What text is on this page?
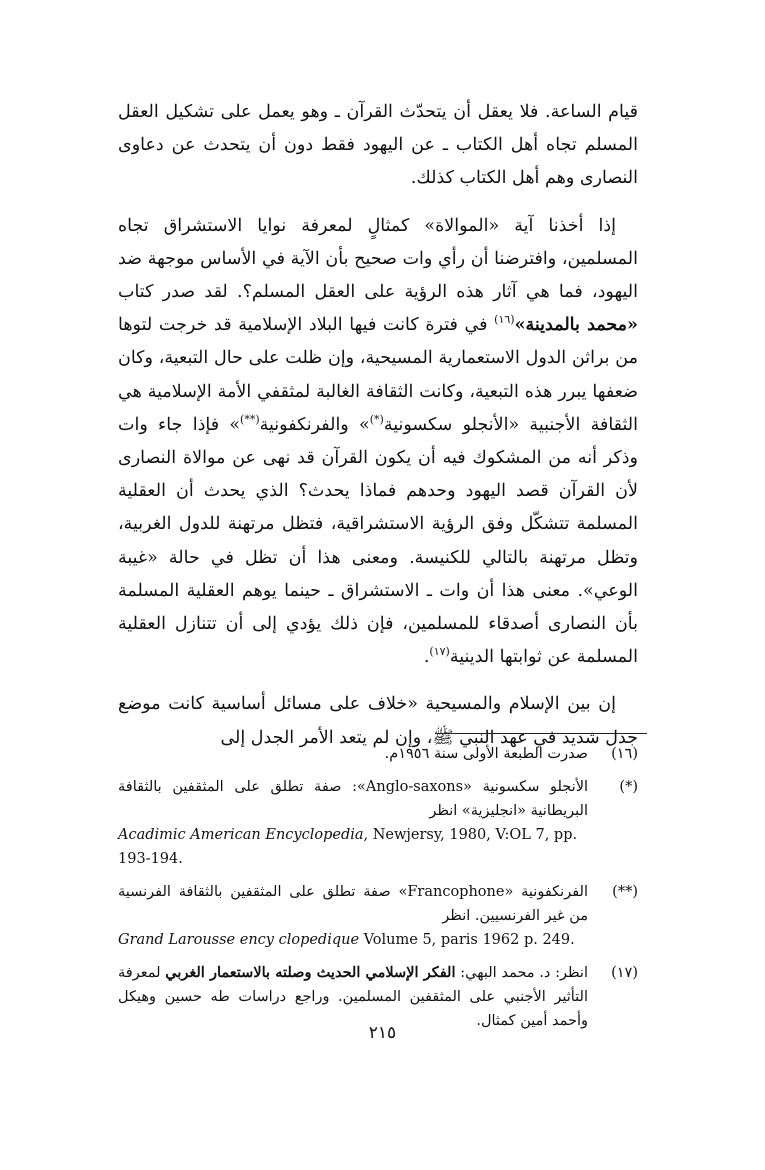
قيام الساعة. فلا يعقل أن يتحدّث القرآن ـ وهو يعمل على تشكيل العقل المسلم تجاه أهل الكتاب ـ عن اليهود فقط دون أن يتحدث عن دعاوى النصارى وهم أهل الكتاب كذلك.

إذا أخذنا آية «الموالاة» كمثالٍ لمعرفة نوايا الاستشراق تجاه المسلمين، وافترضنا أن رأي وات صحيح بأن الآية في الأساس موجهة ضد اليهود، فما هي آثار هذه الرؤية على العقل المسلم؟. لقد صدر كتاب «محمد بالمدينة»$^{(١٦)}$ في فترة كانت فيها البلاد الإسلامية قد خرجت لتوها من براثن الدول الاستعمارية المسيحية، وإن ظلت على حال التبعية، وكان ضعفها يبرر هذه التبعية، وكانت الثقافة الغالبة لمثقفي الأمة الإسلامية هي الثقافة الأجنبية «الأنجلو سكسونية(*)» والفرنكفونية(**)» فإذا جاء وات وذكر أنه من المشكوك فيه أن يكون القرآن قد نهى عن موالاة النصارى لأن القرآن قصد اليهود وحدهم فماذا يحدث؟ الذي يحدث أن العقلية المسلمة تتشكّل وفق الرؤية الاستشراقية، فتظل مرتهنة للدول الغربية، وتظل مرتهنة بالتالي للكنيسة. ومعنى هذا أن تظل في حالة «غيبة الوعي». معنى هذا أن وات ـ الاستشراق ـ حينما يوهم العقلية المسلمة بأن النصارى أصدقاء للمسلمين، فإن ذلك يؤدي إلى أن تتنازل العقلية المسلمة عن ثوابتها الدينية$^{(١٧)}$.

إن بين الإسلام والمسيحية «خلاف على مسائل أساسية كانت موضع جدل شديد في عهد النبي ﷺ، وإن لم يتعد الأمر الجدل إلى

(١٦)
صدرت الطبعة الأولى سنة ١٩٥٦م.
(*)
الأنجلو سكسونية «Anglo-saxons»: صفة تطلق على المثقفين بالثقافة البريطانية «انجليزية» انظر
Acadimic American Encyclopedia, Newjersy, 1980, V:OL 7, pp. 193-194.
(**)
الفرنكفونية «Francophone» صفة تطلق على المثقفين بالثقافة الفرنسية من غير الفرنسيين. انظر
Grand Larousse ency clopedique Volume 5, paris 1962 p. 249.
(١٧)
انظر: د. محمد البهي: الفكر الإسلامي الحديث وصلته بالاستعمار الغربي لمعرفة التأثير الأجنبي على المثقفين المسلمين. وراجع دراسات طه حسين وهيكل وأحمد أمين كمثال.
٢١٥
